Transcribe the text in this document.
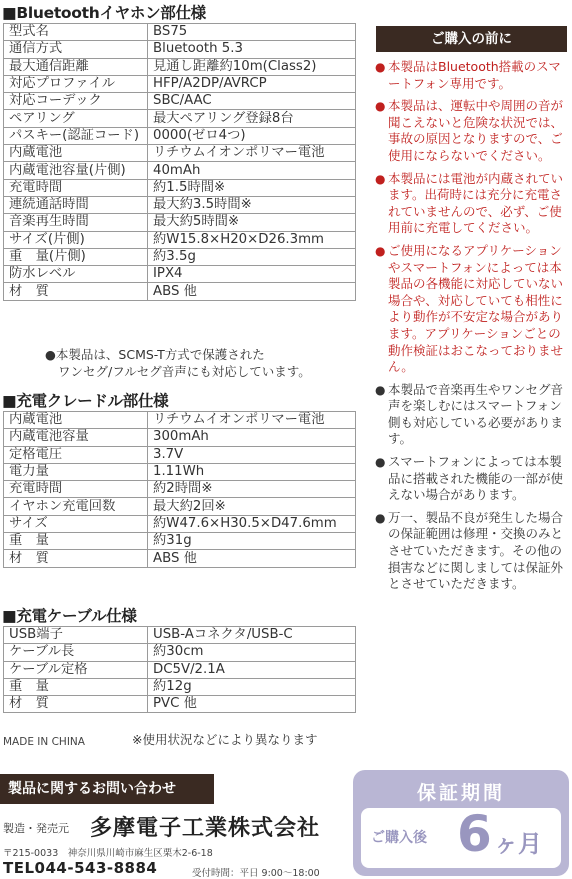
■Bluetoothイヤホン部仕様
型式名	BS75
通信方式	Bluetooth 5.3
最大通信距離	見通し距離約10m(Class2)
対応プロファイル	HFP/A2DP/AVRCP
対応コーデック	SBC/AAC
ペアリング	最大ペアリング登録8台
パスキー(認証コード)	0000(ゼロ4つ)
内蔵電池	リチウムイオンポリマー電池
内蔵電池容量(片側)	40mAh
充電時間	約1.5時間※
連続通話時間	最大約3.5時間※
音楽再生時間	最大約5時間※
サイズ(片側)	約W15.8×H20×D26.3mm
重　量(片側)	約3.5g
防水レベル	IPX4
材　質	ABS 他
●本製品は、SCMS-T方式で保護された
ワンセグ/フルセグ音声にも対応しています。
■充電クレードル部仕様
内蔵電池	リチウムイオンポリマー電池
内蔵電池容量	300mAh
定格電圧	3.7V
電力量	1.11Wh
充電時間	約2時間※
イヤホン充電回数	最大約2回※
サイズ	約W47.6×H30.5×D47.6mm
重　量	約31g
材　質	ABS 他
■充電ケーブル仕様
USB端子	USB-Aコネクタ/USB-C
ケーブル長	約30cm
ケーブル定格	DC5V/2.1A
重　量	約12g
材　質	PVC 他
MADE IN CHINA	※使用状況などにより異なります
ご購入の前に
● 本製品はBluetooth搭載のスマートフォン専用です。
● 本製品は、運転中や周囲の音が聞こえないと危険な状況では、事故の原因となりますので、ご使用にならないでください。
● 本製品には電池が内蔵されています。出荷時には充分に充電されていませんので、必ず、ご使用前に充電してください。
● ご使用になるアプリケーションやスマートフォンによっては本製品の各機能に対応していない場合や、対応していても相性により動作が不安定な場合があります。アプリケーションごとの動作検証はおこなっておりません。
● 本製品で音楽再生やワンセグ音声を楽しむにはスマートフォン側も対応している必要があります。
● スマートフォンによっては本製品に搭載された機能の一部が使えない場合があります。
● 万一、製品不良が発生した場合の保証範囲は修理・交換のみとさせていただきます。その他の損害などに関しましては保証外とさせていただきます。
製品に関するお問い合わせ
製造・発売元 多摩電子工業株式会社
〒215-0033　神奈川県川崎市麻生区栗木2-6-18
TEL044-543-8884	受付時間：平日 9:00～18:00
保証期間
ご購入後 6 ヶ月
